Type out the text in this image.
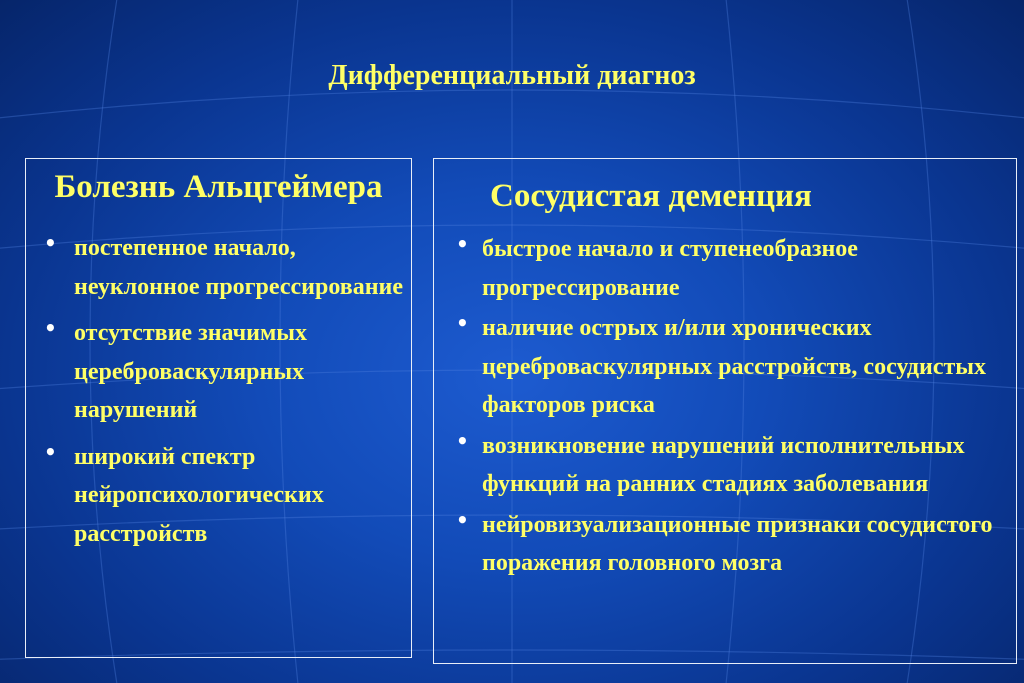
Дифференциальный диагноз
Болезнь Альцгеймера
• постепенное начало, неуклонное прогрессирование
• отсутствие значимых цереброваскулярных нарушений
• широкий спектр нейропсихологических расстройств
Сосудистая деменция
• быстрое начало и ступенеобразное прогрессирование
• наличие острых и/или хронических цереброваскулярных расстройств, сосудистых факторов риска
• возникновение нарушений исполнительных функций на ранних стадиях заболевания
• нейровизуализационные признаки сосудистого поражения головного мозга
